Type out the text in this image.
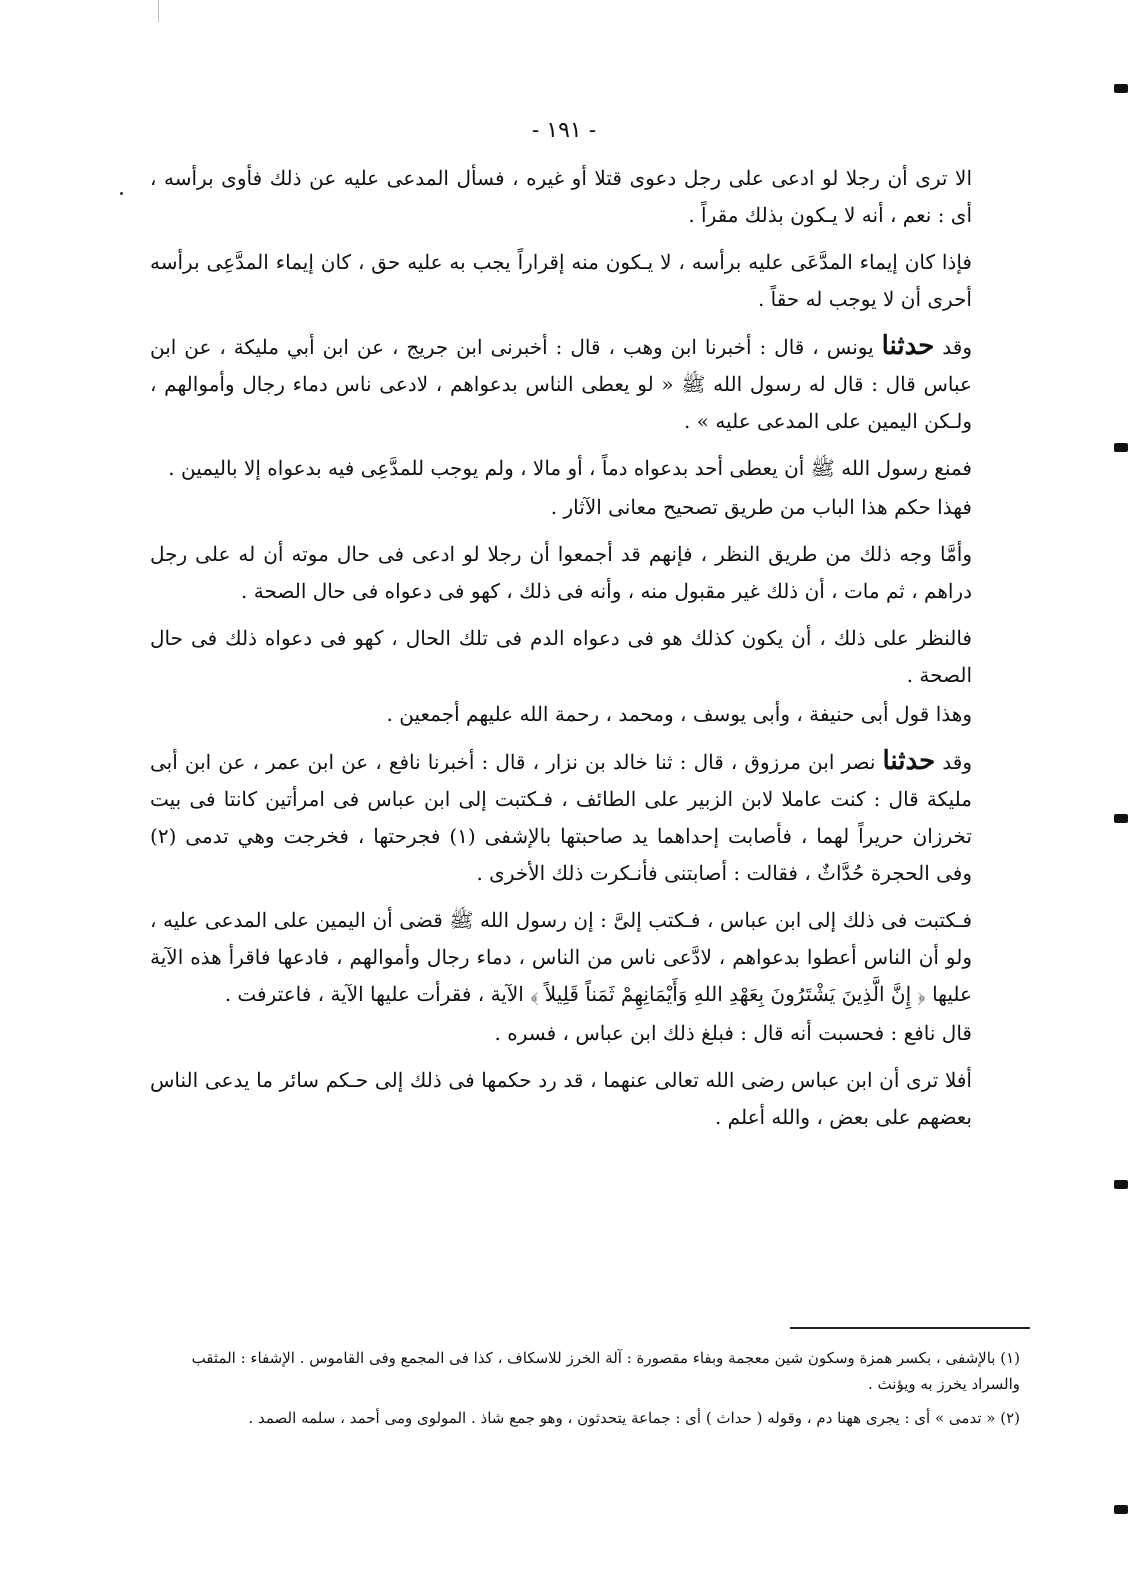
- ١٩١ -

الا ترى أن رجلا لو ادعى على رجل دعوى قتلا أو غيره ، فسأل المدعى عليه عن ذلك فأوى برأسه ، أى : نعم ، أنه لا يـكون بذلك مقراً .

فإذا كان إيماء المدَّعَى عليه برأسه ، لا يـكون منه إقراراً يجب به عليه حق ، كان إيماء المدَّعِى برأسه أحرى أن لا يوجب له حقاً .

وقد حدثنا يونس ، قال : أخبرنا ابن وهب ، قال : أخبرنى ابن جريج ، عن ابن أبي مليكة ، عن ابن عباس قال : قال له رسول الله ﷺ « لو يعطى الناس بدعواهم ، لادعى ناس دماء رجال وأموالهم ، ولـكن اليمين على المدعى عليه » .

فمنع رسول الله ﷺ أن يعطى أحد بدعواه دماً ، أو مالا ، ولم يوجب للمدَّعِى فيه بدعواه إلا باليمين .

فهذا حكم هذا الباب من طريق تصحيح معانى الآثار .

وأمَّا وجه ذلك من طريق النظر ، فإنهم قد أجمعوا أن رجلا لو ادعى فى حال موته أن له على رجل دراهم ، ثم مات ، أن ذلك غير مقبول منه ، وأنه فى ذلك ، كهو فى دعواه فى حال الصحة .

فالنظر على ذلك ، أن يكون كذلك هو فى دعواه الدم فى تلك الحال ، كهو فى دعواه ذلك فى حال الصحة .

وهذا قول أبى حنيفة ، وأبى يوسف ، ومحمد ، رحمة الله عليهم أجمعين .

وقد حدثنا نصر ابن مرزوق ، قال : ثنا خالد بن نزار ، قال : أخبرنا نافع ، عن ابن عمر ، عن ابن أبى مليكة قال : كنت عاملا لابن الزبير على الطائف ، فـكتبت إلى ابن عباس فى امرأتين كانتا فى بيت تخرزان حريراً لهما ، فأصابت إحداهما يد صاحبتها بالإشفى (١) فجرحتها ، فخرجت وهي تدمى (٢) وفى الحجرة حُدَّاثٌ ، فقالت : أصابتنى فأنـكرت ذلك الأخرى .

فـكتبت فى ذلك إلى ابن عباس ، فـكتب إلىَّ : إن رسول الله ﷺ قضى أن اليمين على المدعى عليه ، ولو أن الناس أعطوا بدعواهم ، لادَّعى ناس من الناس ، دماء رجال وأموالهم ، فادعها فاقرأ هذه الآية عليها ﴿ إِنَّ الَّذِينَ يَشْتَرُونَ بِعَهْدِ اللهِ وَأَيْمَانِهِمْ ثَمَناً قَلِيلاً ﴾ الآية ، فقرأت عليها الآية ، فاعترفت .

قال نافع : فحسبت أنه قال : فبلغ ذلك ابن عباس ، فسره .

أفلا ترى أن ابن عباس رضى الله تعالى عنهما ، قد رد حكمها فى ذلك إلى حـكم سائر ما يدعى الناس بعضهم على بعض ، والله أعلم .

(١) بالإشفى ، بكسر همزة وسكون شين معجمة وبفاء مقصورة : آلة الخرز للاسكاف ، كذا فى المجمع وفى القاموس . الإشفاء : المثقب والسراد يخرز به ويؤنث .

(٢) « تدمى » أى : يجرى ههنا دم ، وقوله ( حداث ) أى : جماعة يتحدثون ، وهو جمع شاذ . المولوى ومى أحمد ، سلمه الصمد .
